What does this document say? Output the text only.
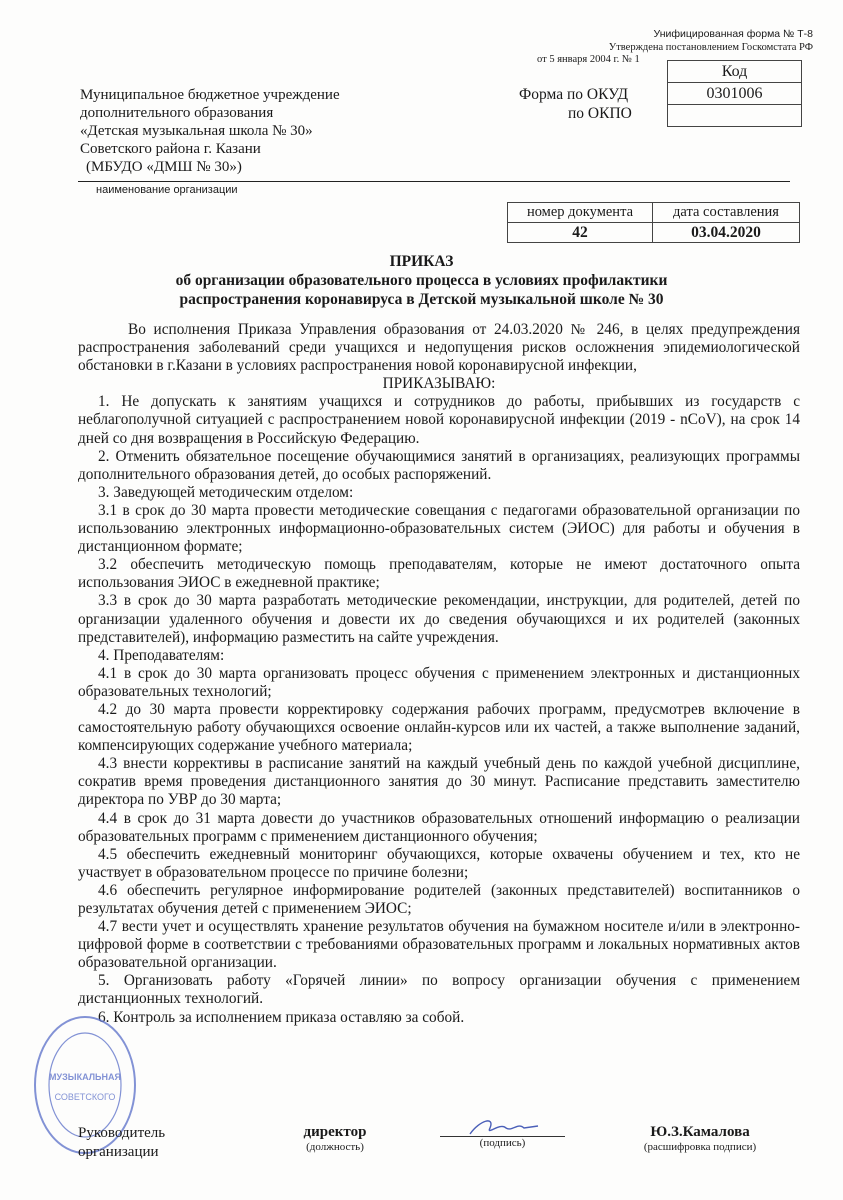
Унифицированная форма № Т-8
Утверждена постановлением Госкомстата РФ
от 5 января 2004 г. № 1
Муниципальное бюджетное учреждение
дополнительного образования
«Детская музыкальная школа № 30»
Советского района г. Казани
(МБУДО «ДМШ № 30»)
наименование организации
Форма по ОКУД
по ОКПО
Код
0301006

номер документа	дата составления
42	03.04.2020
ПРИКАЗ
об организации образовательного процесса в условиях профилактики
распространения коронавируса в Детской музыкальной школе № 30

Во исполнения Приказа Управления образования от 24.03.2020 № 246, в целях предупреждения распространения заболеваний среди учащихся и недопущения рисков осложнения эпидемиологической обстановки в г.Казани в условиях распространения новой коронавирусной инфекции,

ПРИКАЗЫВАЮ:

1. Не допускать к занятиям учащихся и сотрудников до работы, прибывших из государств с неблагополучной ситуацией с распространением новой коронавирусной инфекции (2019 - nCoV), на срок 14 дней со дня возвращения в Российскую Федерацию.

2. Отменить обязательное посещение обучающимися занятий в организациях, реализующих программы дополнительного образования детей, до особых распоряжений.

3. Заведующей методическим отделом:

3.1 в срок до 30 марта провести методические совещания с педагогами образовательной организации по использованию электронных информационно-образовательных систем (ЭИОС) для работы и обучения в дистанционном формате;

3.2 обеспечить методическую помощь преподавателям, которые не имеют достаточного опыта использования ЭИОС в ежедневной практике;

3.3 в срок до 30 марта разработать методические рекомендации, инструкции, для родителей, детей по организации удаленного обучения и довести их до сведения обучающихся и их родителей (законных представителей), информацию разместить на сайте учреждения.

4. Преподавателям:

4.1 в срок до 30 марта организовать процесс обучения с применением электронных и дистанционных образовательных технологий;

4.2 до 30 марта провести корректировку содержания рабочих программ, предусмотрев включение в самостоятельную работу обучающихся освоение онлайн-курсов или их частей, а также выполнение заданий, компенсирующих содержание учебного материала;

4.3 внести коррективы в расписание занятий на каждый учебный день по каждой учебной дисциплине, сократив время проведения дистанционного занятия до 30 минут. Расписание представить заместителю директора по УВР до 30 марта;

4.4 в срок до 31 марта довести до участников образовательных отношений информацию о реализации образовательных программ с применением дистанционного обучения;

4.5 обеспечить ежедневный мониторинг обучающихся, которые охвачены обучением и тех, кто не участвует в образовательном процессе по причине болезни;

4.6 обеспечить регулярное информирование родителей (законных представителей) воспитанников о результатах обучения детей с применением ЭИОС;

4.7 вести учет и осуществлять хранение результатов обучения на бумажном носителе и/или в электронно-цифровой форме в соответствии с требованиями образовательных программ и локальных нормативных актов образовательной организации.

5. Организовать работу «Горячей линии» по вопросу организации обучения с применением дистанционных технологий.

6. Контроль за исполнением приказа оставляю за собой.

МУЗЫКАЛЬНАЯ
СОВЕТСКОГО
Руководитель
организации
директор
(должность)	(подпись)
Ю.З.Камалова
(расшифровка подписи)
